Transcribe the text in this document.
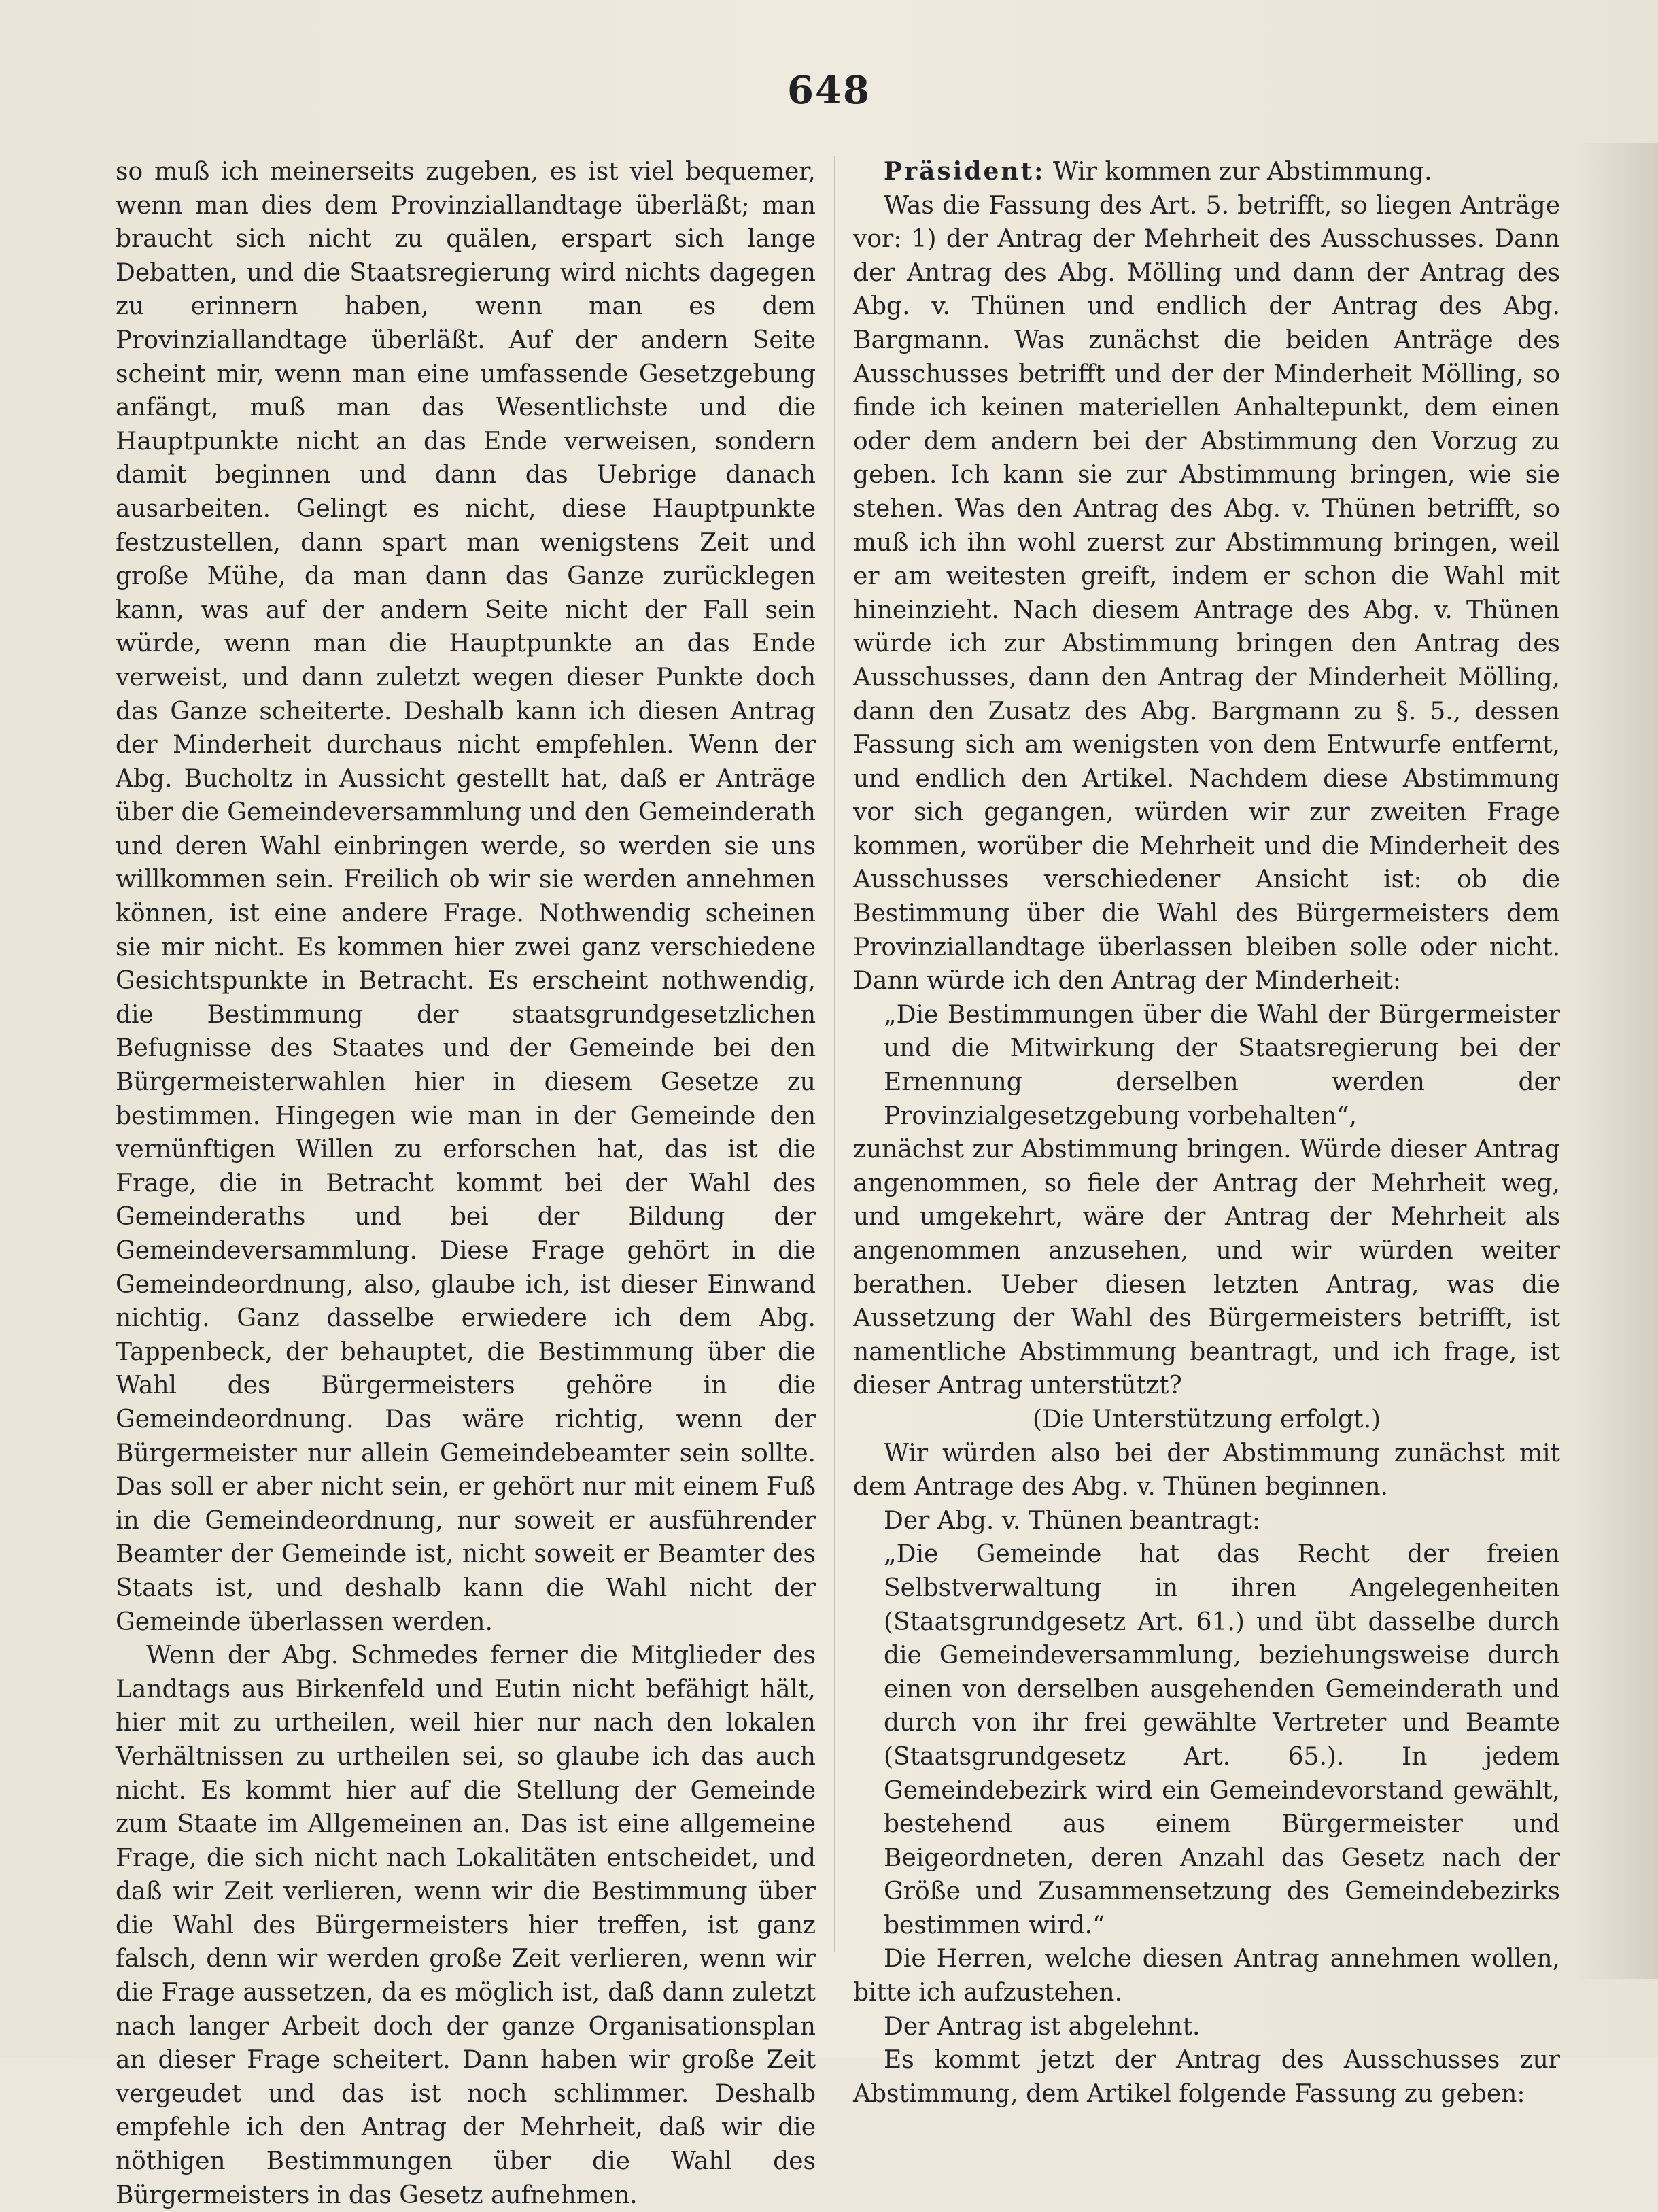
648

so muß ich meinerseits zugeben, es ist viel bequemer, wenn man dies dem Provinziallandtage überläßt; man braucht sich nicht zu quälen, erspart sich lange Debatten, und die Staatsregierung wird nichts dagegen zu erinnern haben, wenn man es dem Provinziallandtage überläßt. Auf der andern Seite scheint mir, wenn man eine umfassende Gesetzgebung anfängt, muß man das Wesentlichste und die Hauptpunkte nicht an das Ende verweisen, sondern damit beginnen und dann das Uebrige danach ausarbeiten. Gelingt es nicht, diese Hauptpunkte festzustellen, dann spart man wenigstens Zeit und große Mühe, da man dann das Ganze zurücklegen kann, was auf der andern Seite nicht der Fall sein würde, wenn man die Hauptpunkte an das Ende verweist, und dann zuletzt wegen dieser Punkte doch das Ganze scheiterte. Deshalb kann ich diesen Antrag der Minderheit durchaus nicht empfehlen. Wenn der Abg. Bucholtz in Aussicht gestellt hat, daß er Anträge über die Gemeindeversammlung und den Gemeinderath und deren Wahl einbringen werde, so werden sie uns willkommen sein. Freilich ob wir sie werden annehmen können, ist eine andere Frage. Nothwendig scheinen sie mir nicht. Es kommen hier zwei ganz verschiedene Gesichtspunkte in Betracht. Es erscheint nothwendig, die Bestimmung der staatsgrundgesetzlichen Befugnisse des Staates und der Gemeinde bei den Bürgermeisterwahlen hier in diesem Gesetze zu bestimmen. Hingegen wie man in der Gemeinde den vernünftigen Willen zu erforschen hat, das ist die Frage, die in Betracht kommt bei der Wahl des Gemeinderaths und bei der Bildung der Gemeindeversammlung. Diese Frage gehört in die Gemeindeordnung, also, glaube ich, ist dieser Einwand nichtig. Ganz dasselbe erwiedere ich dem Abg. Tappenbeck, der behauptet, die Bestimmung über die Wahl des Bürgermeisters gehöre in die Gemeindeordnung. Das wäre richtig, wenn der Bürgermeister nur allein Gemeindebeamter sein sollte. Das soll er aber nicht sein, er gehört nur mit einem Fuß in die Gemeindeordnung, nur soweit er ausführender Beamter der Gemeinde ist, nicht soweit er Beamter des Staats ist, und deshalb kann die Wahl nicht der Gemeinde überlassen werden.

Wenn der Abg. Schmedes ferner die Mitglieder des Landtags aus Birkenfeld und Eutin nicht befähigt hält, hier mit zu urtheilen, weil hier nur nach den lokalen Verhältnissen zu urtheilen sei, so glaube ich das auch nicht. Es kommt hier auf die Stellung der Gemeinde zum Staate im Allgemeinen an. Das ist eine allgemeine Frage, die sich nicht nach Lokalitäten entscheidet, und daß wir Zeit verlieren, wenn wir die Bestimmung über die Wahl des Bürgermeisters hier treffen, ist ganz falsch, denn wir werden große Zeit verlieren, wenn wir die Frage aussetzen, da es möglich ist, daß dann zuletzt nach langer Arbeit doch der ganze Organisationsplan an dieser Frage scheitert. Dann haben wir große Zeit vergeudet und das ist noch schlimmer. Deshalb empfehle ich den Antrag der Mehrheit, daß wir die nöthigen Bestimmungen über die Wahl des Bürgermeisters in das Gesetz aufnehmen.

Präsident: Wir kommen zur Abstimmung.

Was die Fassung des Art. 5. betrifft, so liegen Anträge vor: 1) der Antrag der Mehrheit des Ausschusses. Dann der Antrag des Abg. Mölling und dann der Antrag des Abg. v. Thünen und endlich der Antrag des Abg. Bargmann. Was zunächst die beiden Anträge des Ausschusses betrifft und der der Minderheit Mölling, so finde ich keinen materiellen Anhaltepunkt, dem einen oder dem andern bei der Abstimmung den Vorzug zu geben. Ich kann sie zur Abstimmung bringen, wie sie stehen. Was den Antrag des Abg. v. Thünen betrifft, so muß ich ihn wohl zuerst zur Abstimmung bringen, weil er am weitesten greift, indem er schon die Wahl mit hineinzieht. Nach diesem Antrage des Abg. v. Thünen würde ich zur Abstimmung bringen den Antrag des Ausschusses, dann den Antrag der Minderheit Mölling, dann den Zusatz des Abg. Bargmann zu §. 5., dessen Fassung sich am wenigsten von dem Entwurfe entfernt, und endlich den Artikel. Nachdem diese Abstimmung vor sich gegangen, würden wir zur zweiten Frage kommen, worüber die Mehrheit und die Minderheit des Ausschusses verschiedener Ansicht ist: ob die Bestimmung über die Wahl des Bürgermeisters dem Provinziallandtage überlassen bleiben solle oder nicht. Dann würde ich den Antrag der Minderheit:

„Die Bestimmungen über die Wahl der Bürgermeister und die Mitwirkung der Staatsregierung bei der Ernennung derselben werden der Provinzialgesetzgebung vorbehalten“,

zunächst zur Abstimmung bringen. Würde dieser Antrag angenommen, so fiele der Antrag der Mehrheit weg, und umgekehrt, wäre der Antrag der Mehrheit als angenommen anzusehen, und wir würden weiter berathen. Ueber diesen letzten Antrag, was die Aussetzung der Wahl des Bürgermeisters betrifft, ist namentliche Abstimmung beantragt, und ich frage, ist dieser Antrag unterstützt?

(Die Unterstützung erfolgt.)

Wir würden also bei der Abstimmung zunächst mit dem Antrage des Abg. v. Thünen beginnen.

Der Abg. v. Thünen beantragt:

„Die Gemeinde hat das Recht der freien Selbstverwaltung in ihren Angelegenheiten (Staatsgrundgesetz Art. 61.) und übt dasselbe durch die Gemeindeversammlung, beziehungsweise durch einen von derselben ausgehenden Gemeinderath und durch von ihr frei gewählte Vertreter und Beamte (Staatsgrundgesetz Art. 65.). In jedem Gemeindebezirk wird ein Gemeindevorstand gewählt, bestehend aus einem Bürgermeister und Beigeordneten, deren Anzahl das Gesetz nach der Größe und Zusammensetzung des Gemeindebezirks bestimmen wird.“

Die Herren, welche diesen Antrag annehmen wollen, bitte ich aufzustehen.

Der Antrag ist abgelehnt.

Es kommt jetzt der Antrag des Ausschusses zur Abstimmung, dem Artikel folgende Fassung zu geben:
